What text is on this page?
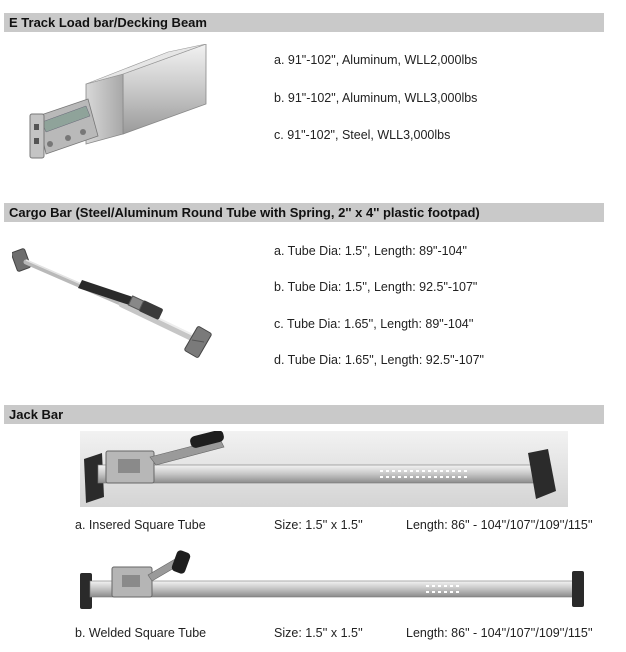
E Track Load bar/Decking Beam
a. 91"-102", Aluminum, WLL2,000lbs
b. 91"-102", Aluminum, WLL3,000lbs
c. 91"-102", Steel, WLL3,000lbs
Cargo Bar (Steel/Aluminum Round Tube with Spring, 2'' x 4'' plastic footpad)
a. Tube Dia: 1.5'', Length: 89"-104"
b. Tube Dia: 1.5'', Length: 92.5"-107"
c. Tube Dia: 1.65'', Length: 89"-104''
d. Tube Dia: 1.65", Length: 92.5"-107"
Jack Bar
a. Insered Square Tube	Size: 1.5'' x 1.5''	Length: 86" - 104''/107''/109''/115''
b. Welded Square Tube	Size: 1.5'' x 1.5''	Length: 86" - 104''/107''/109''/115''
